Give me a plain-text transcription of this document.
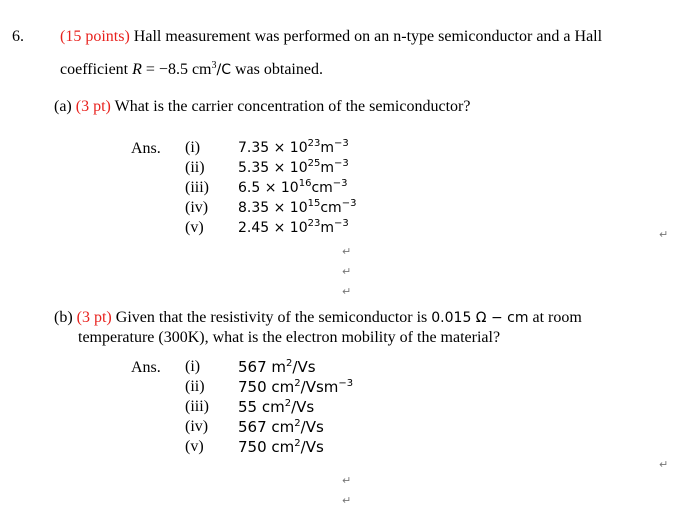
6. (15 points) Hall measurement was performed on an n-type semiconductor and a Hall
coefficient R = −8.5 $cm^3/C$ was obtained.
(a) (3 pt) What is the carrier concentration of the semiconductor?
Ans. (i)
(ii)
(iii)
(iv)
(v)
$7.35 \times 10^{23}m^{-3}$
$5.35 \times 10^{25}m^{-3}$
$6.5 \times 10^{16}cm^{-3}$
$8.35 \times 10^{15}cm^{-3}$
$2.45 \times 10^{23}m^{-3}$
↵
↵
↵
↵
(b) (3 pt) Given that the resistivity of the semiconductor is 0.015 Ω − cm at room
temperature (300K), what is the electron mobility of the material?
Ans. (i)
(ii)
(iii)
(iv)
(v)
567 $m^2/Vs$
750 $cm^2/Vsm^{-3}$
55 $cm^2/Vs$
567 $cm^2/Vs$
750 $cm^2/Vs$
↵
↵
↵
